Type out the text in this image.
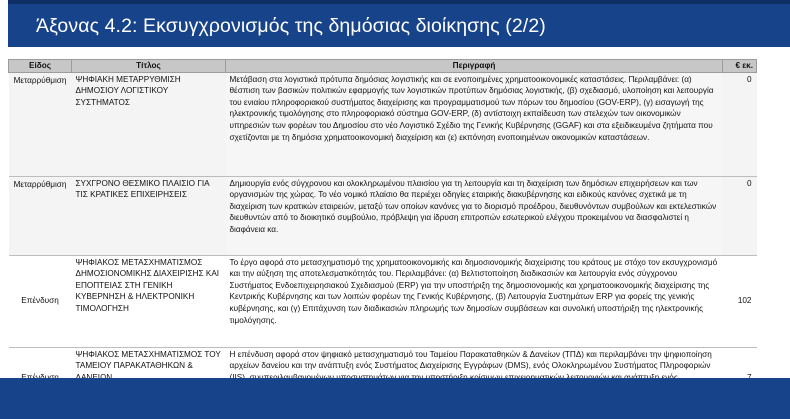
Άξονας 4.2: Εκσυγχρονισμός της δημόσιας διοίκησης (2/2)
Είδος	Τίτλος	Περιγραφή	€ εκ.
Μεταρρύθμιση	ΨΗΦΙΑΚΗ ΜΕΤΑΡΡΥΘΜΙΣΗ ΔΗΜΟΣΙΟΥ ΛΟΓΙΣΤΙΚΟΥ ΣΥΣΤΗΜΑΤΟΣ	Μετάβαση στα λογιστικά πρότυπα δημόσιας λογιστικής και σε ενοποιημένες χρηματοοικονομικές καταστάσεις. Περιλαμβάνει: (α) θέσπιση των βασικών πολιτικών εφαρμογής των λογιστικών προτύπων δημόσιας λογιστικής, (β) σχεδιασμό, υλοποίηση και λειτουργία του ενιαίου πληροφοριακού συστήματος διαχείρισης και προγραμματισμού των πόρων του δημοσίου (GOV-ERP), (γ) εισαγωγή της ηλεκτρονικής τιμολόγησης στο πληροφοριακό σύστημα GOV-ERP, (δ) αντίστοιχη εκπαίδευση των στελεχών των οικονομικών υπηρεσιών των φορέων του Δημοσίου στο νέο Λογιστικό Σχέδιο της Γενικής Κυβέρνησης (GGAF) και στα εξειδικευμένα ζητήματα που σχετίζονται με τη δημόσια χρηματοοικονομική διαχείριση και (ε) εκπόνηση ενοποιημένων οικονομικών καταστάσεων.	0
Μεταρρύθμιση	ΣΥΧΓΡΟΝΟ ΘΕΣΜΙΚΟ ΠΛΑΙΣΙΟ ΓΙΑ ΤΙΣ ΚΡΑΤΙΚΕΣ ΕΠΙΧΕΙΡΗΣΕΙΣ	Δημιουργία ενός σύγχρονου και ολοκληρωμένου πλαισίου για τη λειτουργία και τη διαχείριση των δημόσιων επιχειρήσεων και των οργανισμών της χώρας. Το νέο νομικό πλαίσιο θα περιέχει οδηγίες εταιρικής διακυβέρνησης και ειδικούς κανόνες σχετικά με τη διαχείριση των κρατικών εταιρειών, μεταξύ των οποίων κανόνες για το διορισμό προέδρου, διευθυνόντων συμβούλων και εκτελεστικών διευθυντών από το διοικητικό συμβούλιο, πρόβλεψη για ίδρυση επιτροπών εσωτερικού ελέγχου προκειμένου να διασφαλιστεί η διαφάνεια κα.	0
Επένδυση	ΨΗΦΙΑΚΟΣ ΜΕΤΑΣΧΗΜΑΤΙΣΜΟΣ ΔΗΜΟΣΙΟΝΟΜΙΚΗΣ ΔΙΑΧΕΙΡΙΣΗΣ ΚΑΙ ΕΠΟΠΤΕΙΑΣ ΣΤΗ ΓΕΝΙΚΗ ΚΥΒΕΡΝΗΣΗ & ΗΛΕΚΤΡΟΝΙΚΗ ΤΙΜΟΛΟΓΗΣΗ	Το έργο αφορά στο μετασχηματισμό της χρηματοοικονομικής και δημοσιονομικής διαχείρισης του κράτους με στόχο τον εκσυγχρονισμό και την αύξηση της αποτελεσματικότητάς του. Περιλαμβάνει: (α) Βελτιστοποίηση διαδικασιών και λειτουργία ενός σύγχρονου Συστήματος Ενδοεπιχειρησιακού Σχεδιασμού (ERP) για την υποστήριξη της δημοσιονομικής και χρηματοοικονομικής διαχείρισης της Κεντρικής Κυβέρνησης και των λοιπών φορέων της Γενικής Κυβέρνησης, (β) Λειτουργία Συστημάτων ERP για φορείς της γενικής κυβέρνησης, και (γ) Επιτάχυνση των διαδικασιών πληρωμής των δημοσίων συμβάσεων και συνολική υποστήριξη της ηλεκτρονικής τιμολόγησης.	102
	ΨΗΦΙΑΚΟΣ ΜΕΤΑΣΧΗΜΑΤΙΣΜΟΣ ΤΟΥ ΤΑΜΕΙΟΥ ΠΑΡΑΚΑΤΑΘΗΚΩΝ &	Η επένδυση αφορά στον ψηφιακό μετασχηματισμό του Ταμείου Παρακαταθηκών & Δανείων (ΤΠΔ) και περιλαμβάνει την ψηφιοποίηση αρχείων δανείου και την ανάπτυξη ενός Συστήματος Διαχείρισης Εγγράφων (DMS), ενός Ολοκληρωμένου Συστήματος Πληροφοριών	
